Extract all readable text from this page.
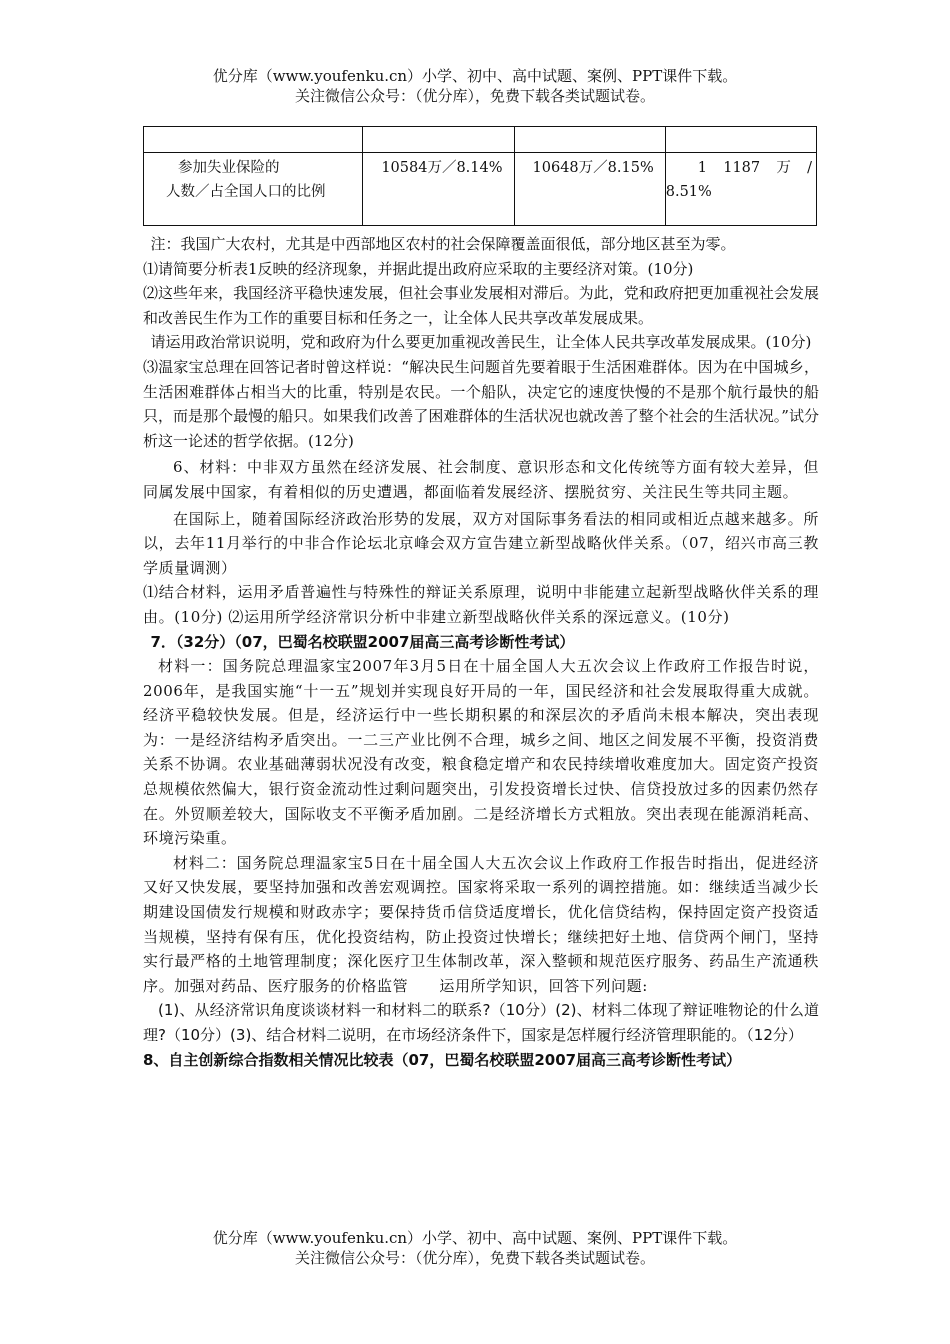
优分库（www.youfenku.cn）小学、初中、高中试题、案例、PPT课件下载。
关注微信公众号：（优分库），免费下载各类试题试卷。

参加失业保险的
人数／占全国人口的比例	10584万／8.14%	10648万／8.15%	1 1187 万 /
8.51%

注：我国广大农村，尤其是中西部地区农村的社会保障覆盖面很低，部分地区甚至为零。

⑴请简要分析表1反映的经济现象，并据此提出政府应采取的主要经济对策。(10分)

⑵这些年来，我国经济平稳快速发展，但社会事业发展相对滞后。为此，党和政府把更加重视社会发展和改善民生作为工作的重要目标和任务之一，让全体人民共享改革发展成果。

请运用政治常识说明，党和政府为什么要更加重视改善民生，让全体人民共享改革发展成果。(10分)

⑶温家宝总理在回答记者时曾这样说：“解决民生问题首先要着眼于生活困难群体。因为在中国城乡，生活困难群体占相当大的比重，特别是农民。一个船队，决定它的速度快慢的不是那个航行最快的船只，而是那个最慢的船只。如果我们改善了困难群体的生活状况也就改善了整个社会的生活状况。”试分析这一论述的哲学依据。(12分)

6、材料：中非双方虽然在经济发展、社会制度、意识形态和文化传统等方面有较大差异，但同属发展中国家，有着相似的历史遭遇，都面临着发展经济、摆脱贫穷、关注民生等共同主题。

在国际上，随着国际经济政治形势的发展，双方对国际事务看法的相同或相近点越来越多。所以，去年11月举行的中非合作论坛北京峰会双方宣告建立新型战略伙伴关系。（07，绍兴市高三教学质量调测）

⑴结合材料，运用矛盾普遍性与特殊性的辩证关系原理，说明中非能建立起新型战略伙伴关系的理由。(10分) ⑵运用所学经济常识分析中非建立新型战略伙伴关系的深远意义。(10分)

7．（32分）（07，巴蜀名校联盟2007届高三高考诊断性考试）

材料一：国务院总理温家宝2007年3月5日在十届全国人大五次会议上作政府工作报告时说，2006年，是我国实施“十一五”规划并实现良好开局的一年，国民经济和社会发展取得重大成就。经济平稳较快发展。但是，经济运行中一些长期积累的和深层次的矛盾尚未根本解决，突出表现为：一是经济结构矛盾突出。一二三产业比例不合理，城乡之间、地区之间发展不平衡，投资消费关系不协调。农业基础薄弱状况没有改变，粮食稳定增产和农民持续增收难度加大。固定资产投资总规模依然偏大，银行资金流动性过剩问题突出，引发投资增长过快、信贷投放过多的因素仍然存在。外贸顺差较大，国际收支不平衡矛盾加剧。二是经济增长方式粗放。突出表现在能源消耗高、环境污染重。

材料二：国务院总理温家宝5日在十届全国人大五次会议上作政府工作报告时指出，促进经济又好又快发展，要坚持加强和改善宏观调控。国家将采取一系列的调控措施。如：继续适当减少长期建设国债发行规模和财政赤字；要保持货币信贷适度增长，优化信贷结构，保持固定资产投资适当规模，坚持有保有压，优化投资结构，防止投资过快增长；继续把好土地、信贷两个闸门，坚持实行最严格的土地管理制度；深化医疗卫生体制改革，深入整顿和规范医疗服务、药品生产流通秩序。加强对药品、医疗服务的价格监管　　运用所学知识，回答下列问题:

(1)、从经济常识角度谈谈材料一和材料二的联系?（10分）(2)、材料二体现了辩证唯物论的什么道理?（10分）(3)、结合材料二说明，在市场经济条件下，国家是怎样履行经济管理职能的。（12分）

8、自主创新综合指数相关情况比较表（07，巴蜀名校联盟2007届高三高考诊断性考试）

优分库（www.youfenku.cn）小学、初中、高中试题、案例、PPT课件下载。
关注微信公众号：（优分库），免费下载各类试题试卷。
